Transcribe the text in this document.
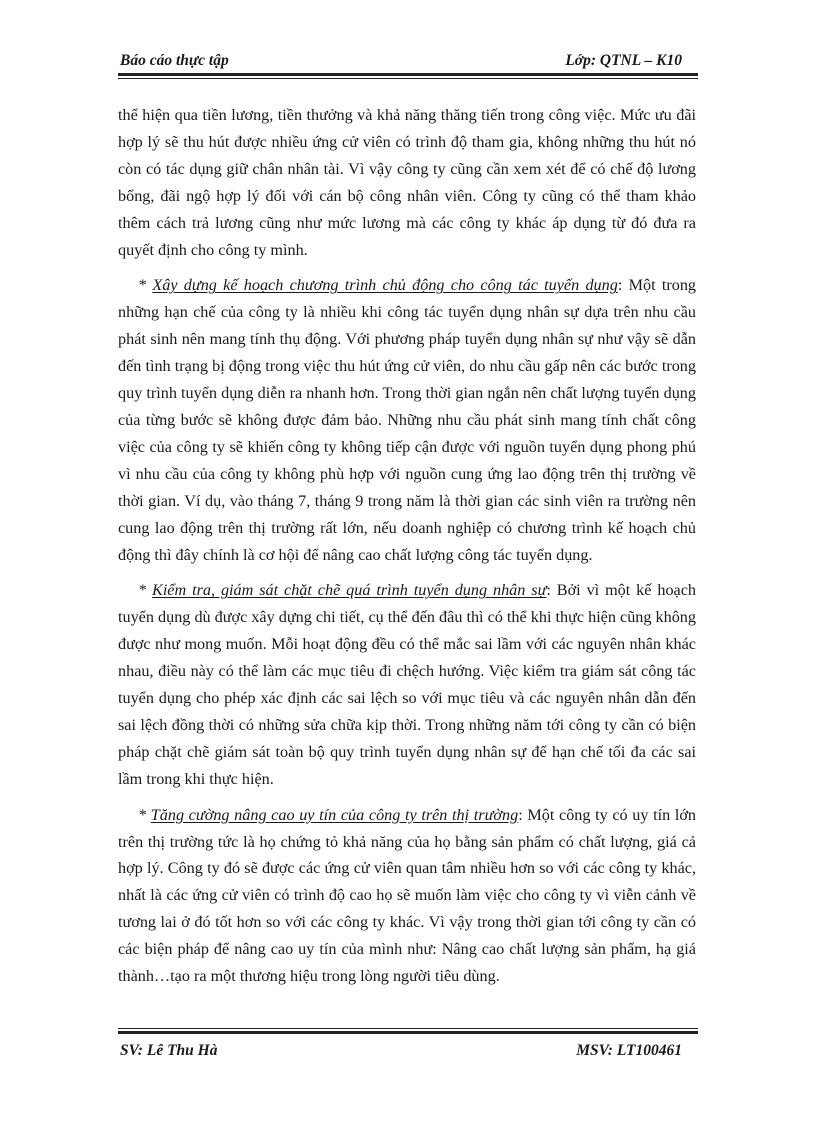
Báo cáo thực tập	Lớp: QTNL – K10

thể hiện qua tiền lương, tiền thưởng và khả năng thăng tiến trong công việc. Mức ưu đãi hợp lý sẽ thu hút được nhiều ứng cử viên có trình độ tham gia, không những thu hút nó còn có tác dụng giữ chân nhân tài. Vì vậy công ty cũng cần xem xét để có chế độ lương bổng, đãi ngộ hợp lý đối với cán bộ công nhân viên. Công ty cũng có thể tham khảo thêm cách trả lương cũng như mức lương mà các công ty khác áp dụng từ đó đưa ra quyết định cho công ty mình.

* Xây dựng kế hoạch chương trình chủ động cho công tác tuyển dụng: Một trong những hạn chế của công ty là nhiều khi công tác tuyển dụng nhân sự dựa trên nhu cầu phát sinh nên mang tính thụ động. Với phương pháp tuyển dụng nhân sự như vậy sẽ dẫn đến tình trạng bị động trong việc thu hút ứng cử viên, do nhu cầu gấp nên các bước trong quy trình tuyển dụng diễn ra nhanh hơn. Trong thời gian ngắn nên chất lượng tuyển dụng của từng bước sẽ không được đảm bảo. Những nhu cầu phát sinh mang tính chất công việc của công ty sẽ khiến công ty không tiếp cận được với nguồn tuyển dụng phong phú vì nhu cầu của công ty không phù hợp với nguồn cung ứng lao động trên thị trường về thời gian. Ví dụ, vào tháng 7, tháng 9 trong năm là thời gian các sinh viên ra trường nên cung lao động trên thị trường rất lớn, nếu doanh nghiệp có chương trình kế hoạch chủ động thì đây chính là cơ hội để nâng cao chất lượng công tác tuyển dụng.

* Kiểm tra, giám sát chặt chẽ quá trình tuyển dụng nhân sự: Bởi vì một kế hoạch tuyển dụng dù được xây dựng chi tiết, cụ thể đến đâu thì có thể khi thực hiện cũng không được như mong muốn. Mỗi hoạt động đều có thể mắc sai lầm với các nguyên nhân khác nhau, điều này có thể làm các mục tiêu đi chệch hướng. Việc kiểm tra giám sát công tác tuyển dụng cho phép xác định các sai lệch so với mục tiêu và các nguyên nhân dẫn đến sai lệch đồng thời có những sửa chữa kịp thời. Trong những năm tới công ty cần có biện pháp chặt chẽ giám sát toàn bộ quy trình tuyển dụng nhân sự để hạn chế tối đa các sai lầm trong khi thực hiện.

* Tăng cường nâng cao uy tín của công ty trên thị trường: Một công ty có uy tín lớn trên thị trường tức là họ chứng tỏ khả năng của họ bằng sản phẩm có chất lượng, giá cả hợp lý. Công ty đó sẽ được các ứng cử viên quan tâm nhiều hơn so với các công ty khác, nhất là các ứng cử viên có trình độ cao họ sẽ muốn làm việc cho công ty vì viễn cảnh về tương lai ở đó tốt hơn so với các công ty khác. Vì vậy trong thời gian tới công ty cần có các biện pháp để nâng cao uy tín của mình như: Nâng cao chất lượng sản phẩm, hạ giá thành…tạo ra một thương hiệu trong lòng người tiêu dùng.

SV: Lê Thu Hà	MSV: LT100461
